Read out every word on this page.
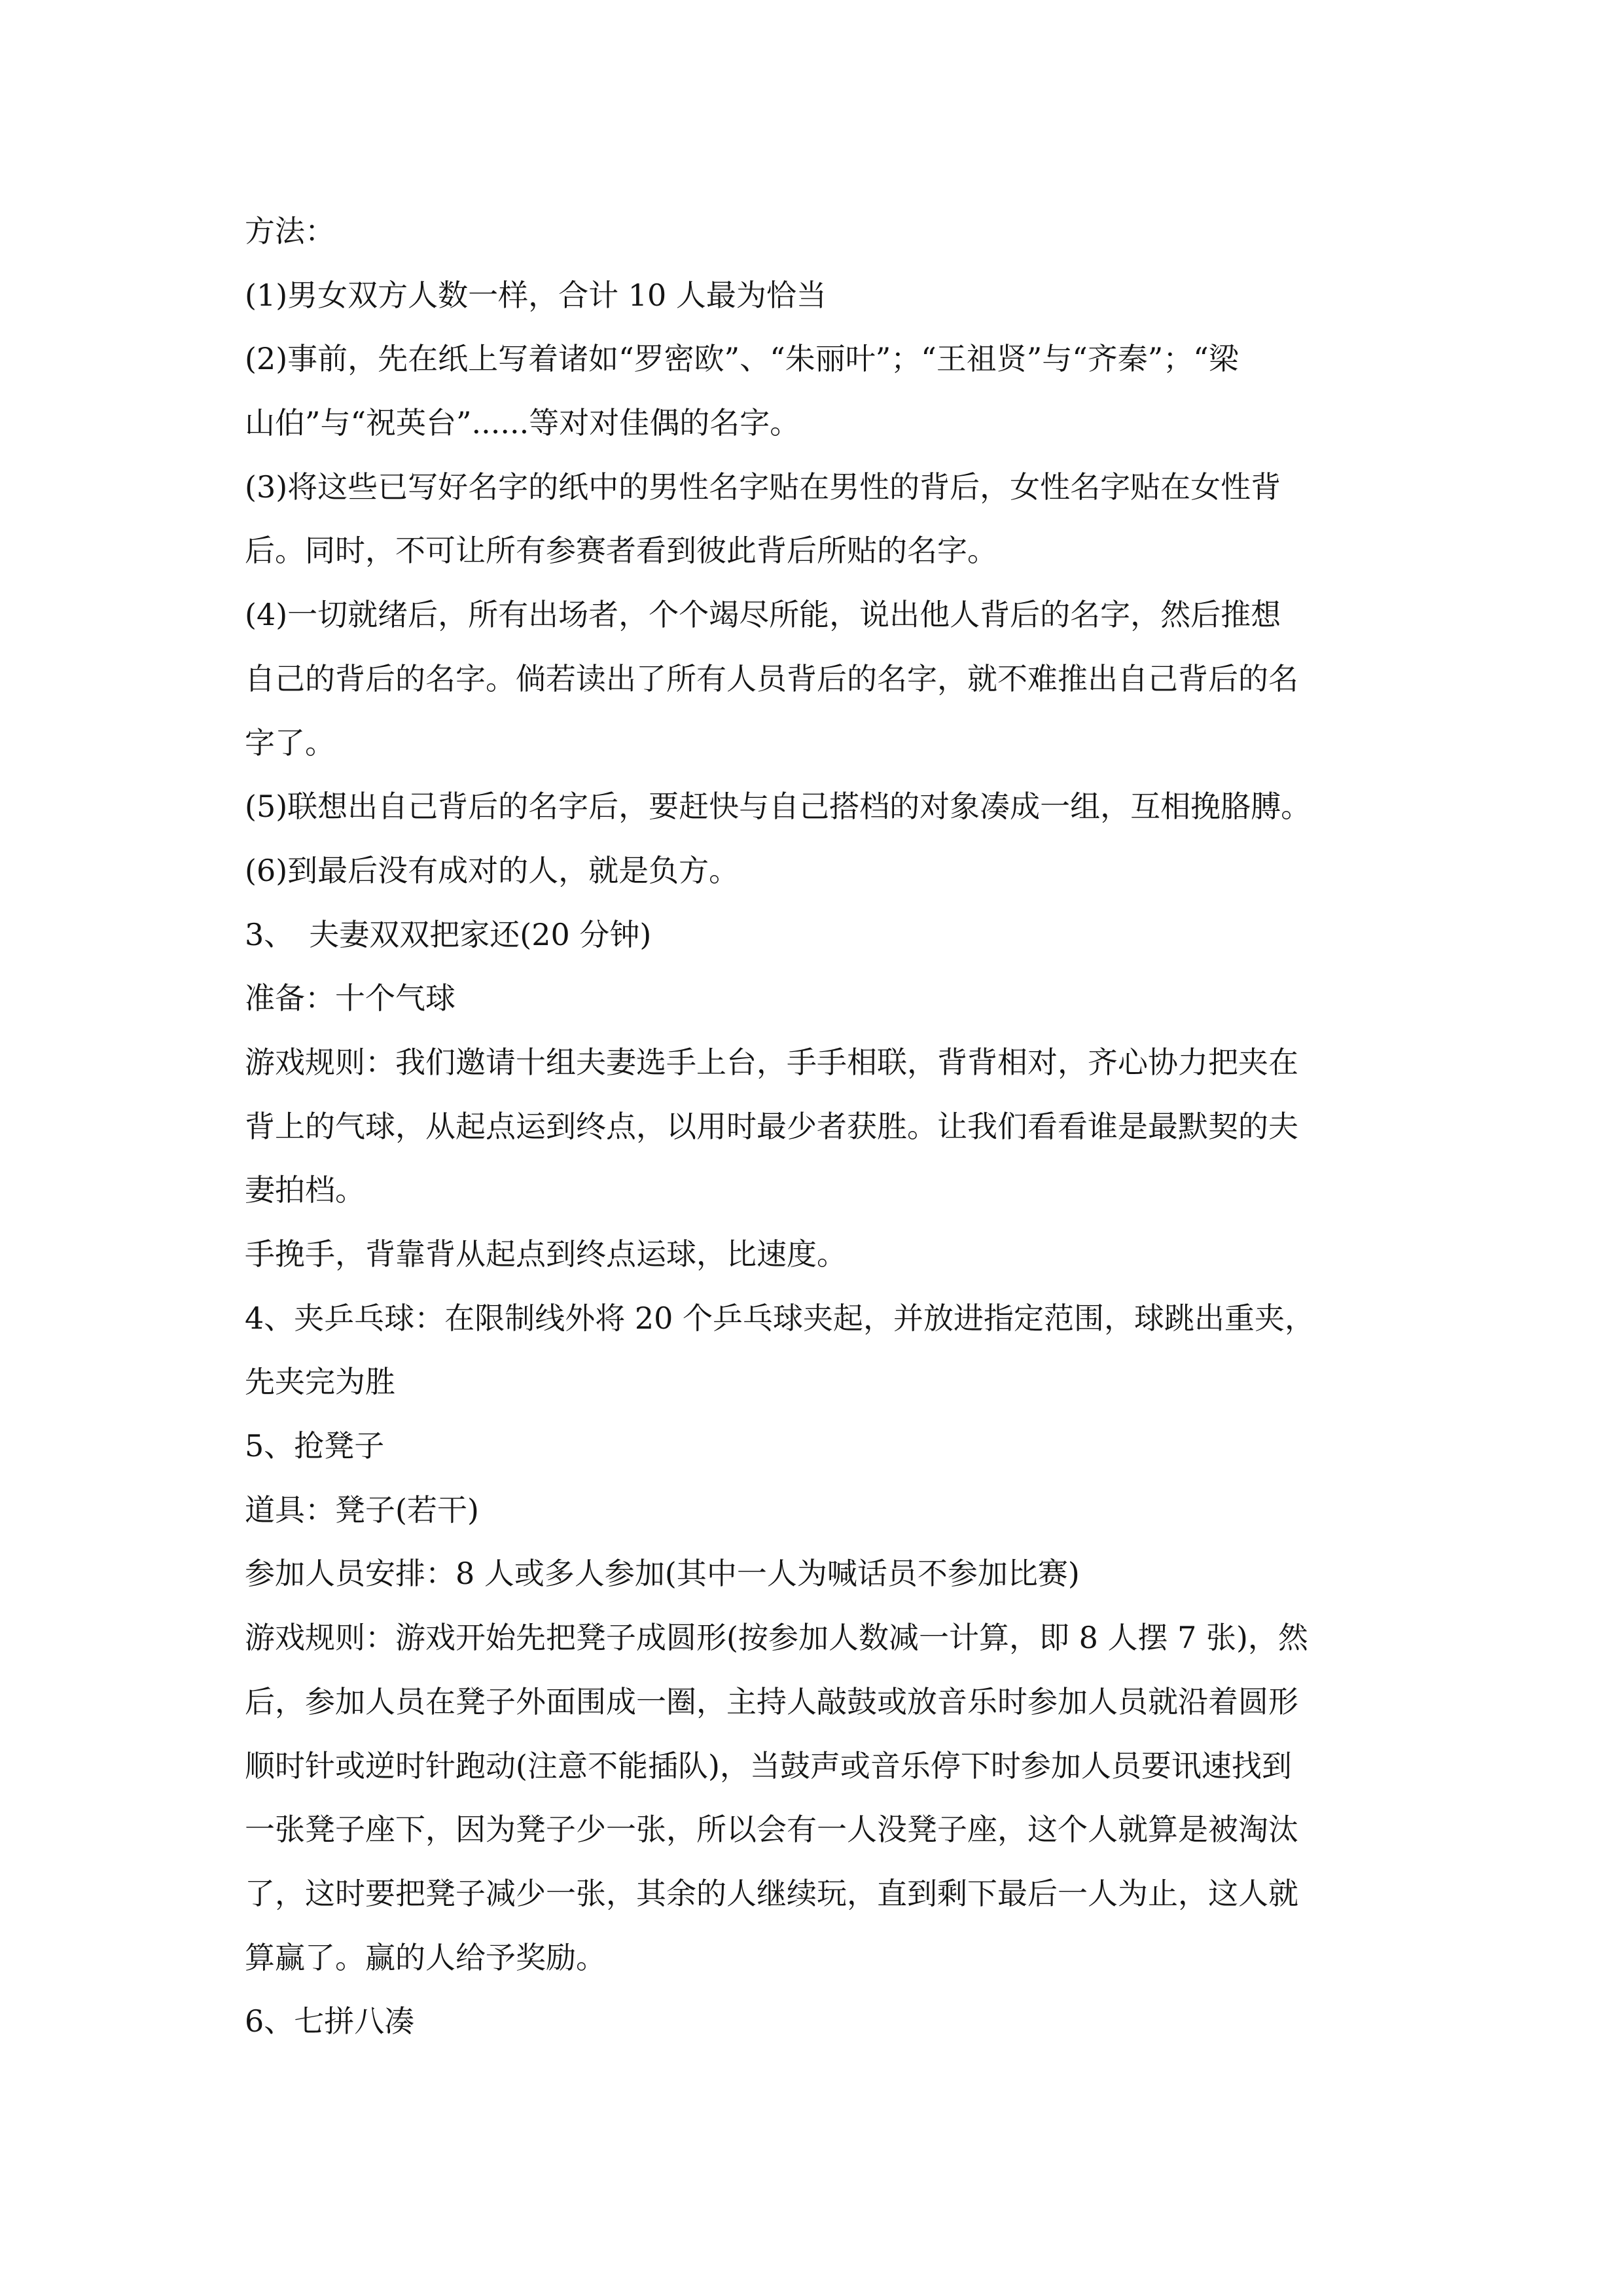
方法：
(1)男女双方人数一样，合计 10 人最为恰当
(2)事前，先在纸上写着诸如“罗密欧”、“朱丽叶”；“王祖贤”与“齐秦”；“梁
山伯”与“祝英台”......等对对佳偶的名字。
(3)将这些已写好名字的纸中的男性名字贴在男性的背后，女性名字贴在女性背
后。同时，不可让所有参赛者看到彼此背后所贴的名字。
(4)一切就绪后，所有出场者，个个竭尽所能，说出他人背后的名字，然后推想
自己的背后的名字。倘若读出了所有人员背后的名字，就不难推出自己背后的名
字了。
(5)联想出自己背后的名字后，要赶快与自己搭档的对象凑成一组，互相挽胳膊。
(6)到最后没有成对的人，就是负方。
3、　夫妻双双把家还(20 分钟)
准备：十个气球
游戏规则：我们邀请十组夫妻选手上台，手手相联，背背相对，齐心协力把夹在
背上的气球，从起点运到终点，以用时最少者获胜。让我们看看谁是最默契的夫
妻拍档。
手挽手，背靠背从起点到终点运球，比速度。
4、夹乒乓球：在限制线外将 20 个乒乓球夹起，并放进指定范围，球跳出重夹，
先夹完为胜
5、抢凳子
道具：凳子(若干)
参加人员安排：8 人或多人参加(其中一人为喊话员不参加比赛)
游戏规则：游戏开始先把凳子成圆形(按参加人数减一计算，即 8 人摆 7 张)，然
后，参加人员在凳子外面围成一圈，主持人敲鼓或放音乐时参加人员就沿着圆形
顺时针或逆时针跑动(注意不能插队)，当鼓声或音乐停下时参加人员要讯速找到
一张凳子座下，因为凳子少一张，所以会有一人没凳子座，这个人就算是被淘汰
了，这时要把凳子减少一张，其余的人继续玩，直到剩下最后一人为止，这人就
算赢了。赢的人给予奖励。
6、七拼八凑
